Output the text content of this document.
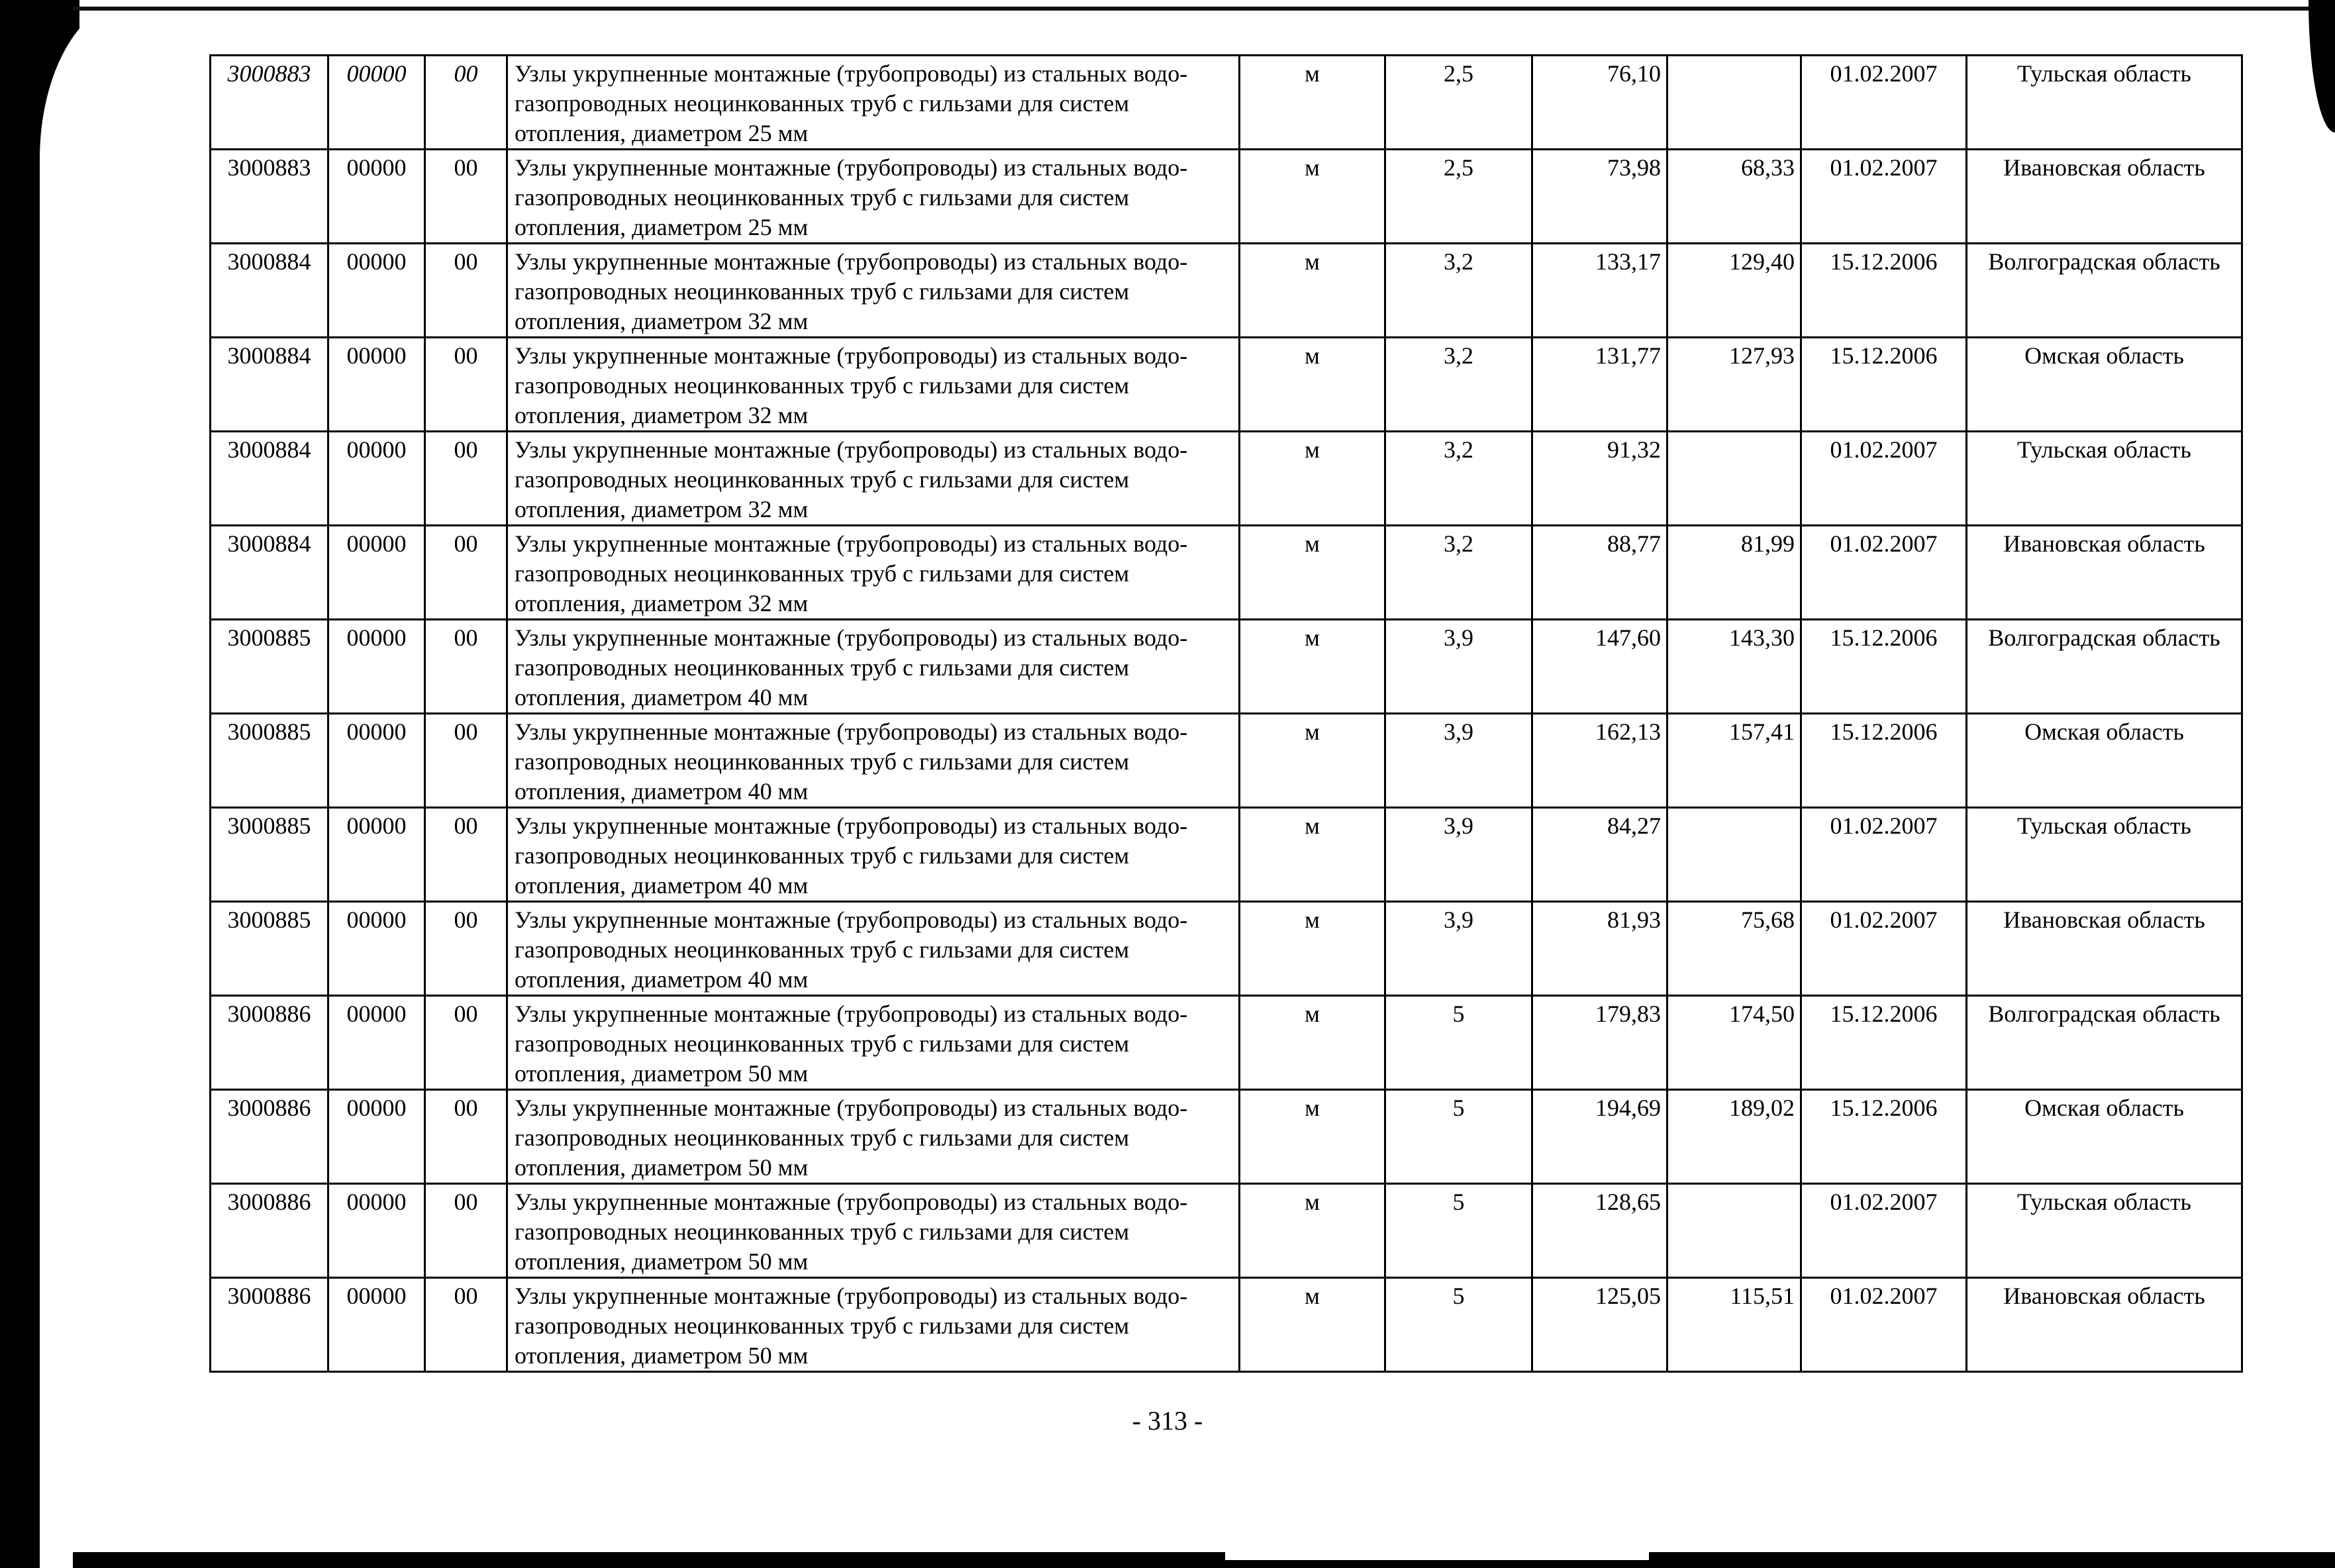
3000883	00000	00	Узлы укрупненные монтажные (трубопроводы) из стальных водо-газопроводных неоцинкованных труб с гильзами для систем отопления, диаметром 25 мм	м	2,5	76,10		01.02.2007	Тульская область
3000883	00000	00	Узлы укрупненные монтажные (трубопроводы) из стальных водо-газопроводных неоцинкованных труб с гильзами для систем отопления, диаметром 25 мм	м	2,5	73,98	68,33	01.02.2007	Ивановская область
3000884	00000	00	Узлы укрупненные монтажные (трубопроводы) из стальных водо-газопроводных неоцинкованных труб с гильзами для систем отопления, диаметром 32 мм	м	3,2	133,17	129,40	15.12.2006	Волгоградская область
3000884	00000	00	Узлы укрупненные монтажные (трубопроводы) из стальных водо-газопроводных неоцинкованных труб с гильзами для систем отопления, диаметром 32 мм	м	3,2	131,77	127,93	15.12.2006	Омская область
3000884	00000	00	Узлы укрупненные монтажные (трубопроводы) из стальных водо-газопроводных неоцинкованных труб с гильзами для систем отопления, диаметром 32 мм	м	3,2	91,32		01.02.2007	Тульская область
3000884	00000	00	Узлы укрупненные монтажные (трубопроводы) из стальных водо-газопроводных неоцинкованных труб с гильзами для систем отопления, диаметром 32 мм	м	3,2	88,77	81,99	01.02.2007	Ивановская область
3000885	00000	00	Узлы укрупненные монтажные (трубопроводы) из стальных водо-газопроводных неоцинкованных труб с гильзами для систем отопления, диаметром 40 мм	м	3,9	147,60	143,30	15.12.2006	Волгоградская область
3000885	00000	00	Узлы укрупненные монтажные (трубопроводы) из стальных водо-газопроводных неоцинкованных труб с гильзами для систем отопления, диаметром 40 мм	м	3,9	162,13	157,41	15.12.2006	Омская область
3000885	00000	00	Узлы укрупненные монтажные (трубопроводы) из стальных водо-газопроводных неоцинкованных труб с гильзами для систем отопления, диаметром 40 мм	м	3,9	84,27		01.02.2007	Тульская область
3000885	00000	00	Узлы укрупненные монтажные (трубопроводы) из стальных водо-газопроводных неоцинкованных труб с гильзами для систем отопления, диаметром 40 мм	м	3,9	81,93	75,68	01.02.2007	Ивановская область
3000886	00000	00	Узлы укрупненные монтажные (трубопроводы) из стальных водо-газопроводных неоцинкованных труб с гильзами для систем отопления, диаметром 50 мм	м	5	179,83	174,50	15.12.2006	Волгоградская область
3000886	00000	00	Узлы укрупненные монтажные (трубопроводы) из стальных водо-газопроводных неоцинкованных труб с гильзами для систем отопления, диаметром 50 мм	м	5	194,69	189,02	15.12.2006	Омская область
3000886	00000	00	Узлы укрупненные монтажные (трубопроводы) из стальных водо-газопроводных неоцинкованных труб с гильзами для систем отопления, диаметром 50 мм	м	5	128,65		01.02.2007	Тульская область
3000886	00000	00	Узлы укрупненные монтажные (трубопроводы) из стальных водо-газопроводных неоцинкованных труб с гильзами для систем отопления, диаметром 50 мм	м	5	125,05	115,51	01.02.2007	Ивановская область
- 313 -
